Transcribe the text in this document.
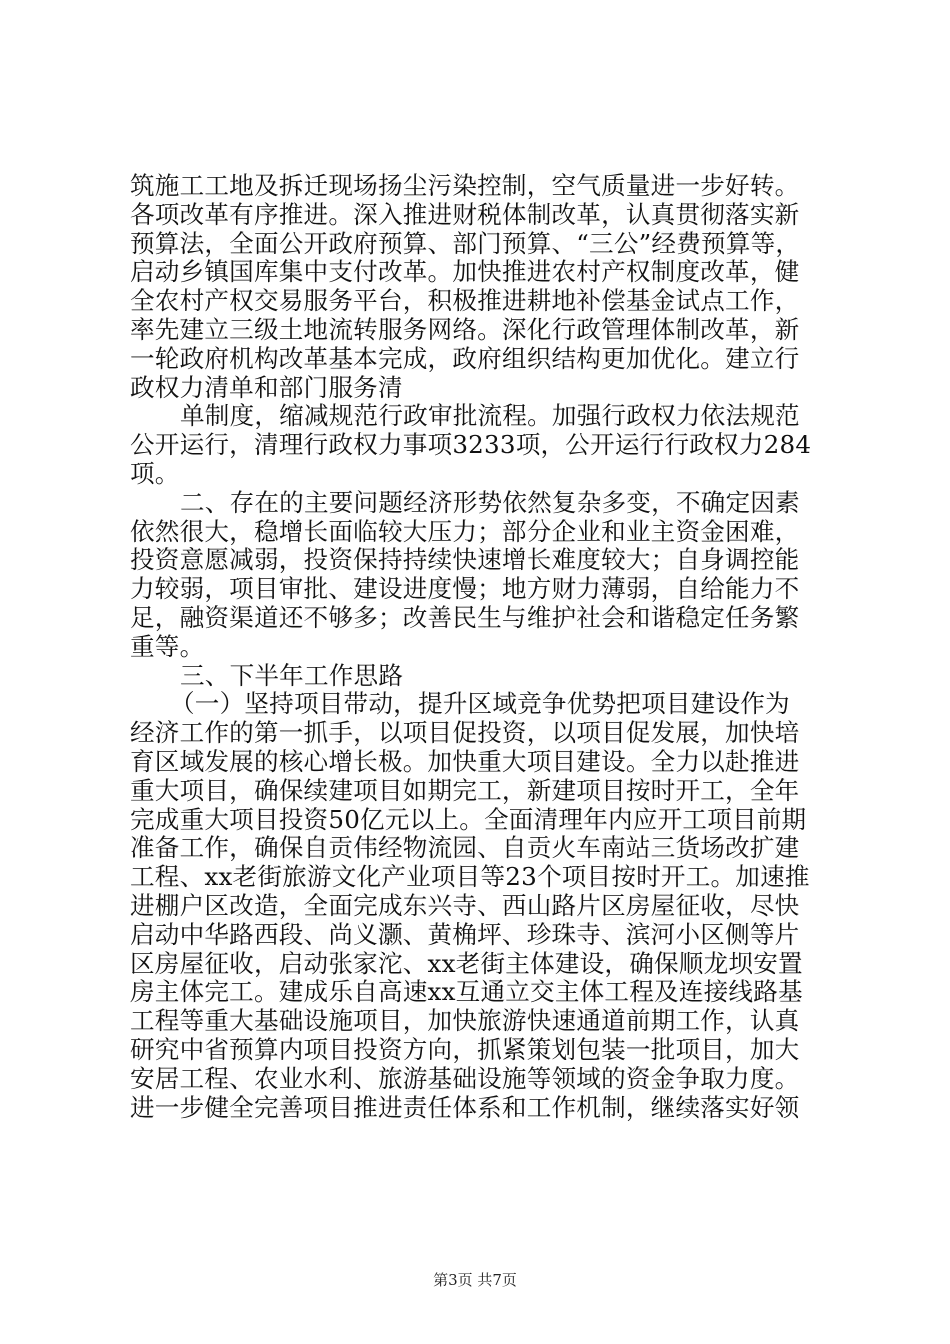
筑施工工地及拆迁现场扬尘污染控制，空气质量进一步好转。
各项改革有序推进。深入推进财税体制改革，认真贯彻落实新
预算法，全面公开政府预算、部门预算、“三公”经费预算等，
启动乡镇国库集中支付改革。加快推进农村产权制度改革，健
全农村产权交易服务平台，积极推进耕地补偿基金试点工作，
率先建立三级土地流转服务网络。深化行政管理体制改革，新
一轮政府机构改革基本完成，政府组织结构更加优化。建立行
政权力清单和部门服务清
单制度，缩减规范行政审批流程。加强行政权力依法规范
公开运行，清理行政权力事项3233项，公开运行行政权力284
项。
二、存在的主要问题经济形势依然复杂多变，不确定因素
依然很大，稳增长面临较大压力；部分企业和业主资金困难，
投资意愿减弱，投资保持持续快速增长难度较大；自身调控能
力较弱，项目审批、建设进度慢；地方财力薄弱，自给能力不
足，融资渠道还不够多；改善民生与维护社会和谐稳定任务繁
重等。
三、下半年工作思路
（一）坚持项目带动，提升区域竞争优势把项目建设作为
经济工作的第一抓手，以项目促投资，以项目促发展，加快培
育区域发展的核心增长极。加快重大项目建设。全力以赴推进
重大项目，确保续建项目如期完工，新建项目按时开工，全年
完成重大项目投资50亿元以上。全面清理年内应开工项目前期
准备工作，确保自贡伟经物流园、自贡火车南站三货场改扩建
工程、xx老街旅游文化产业项目等23个项目按时开工。加速推
进棚户区改造，全面完成东兴寺、西山路片区房屋征收，尽快
启动中华路西段、尚义灏、黄桷坪、珍珠寺、滨河小区侧等片
区房屋征收，启动张家沱、xx老街主体建设，确保顺龙坝安置
房主体完工。建成乐自高速xx互通立交主体工程及连接线路基
工程等重大基础设施项目，加快旅游快速通道前期工作，认真
研究中省预算内项目投资方向，抓紧策划包装一批项目，加大
安居工程、农业水利、旅游基础设施等领域的资金争取力度。
进一步健全完善项目推进责任体系和工作机制，继续落实好领
第3页 共7页
